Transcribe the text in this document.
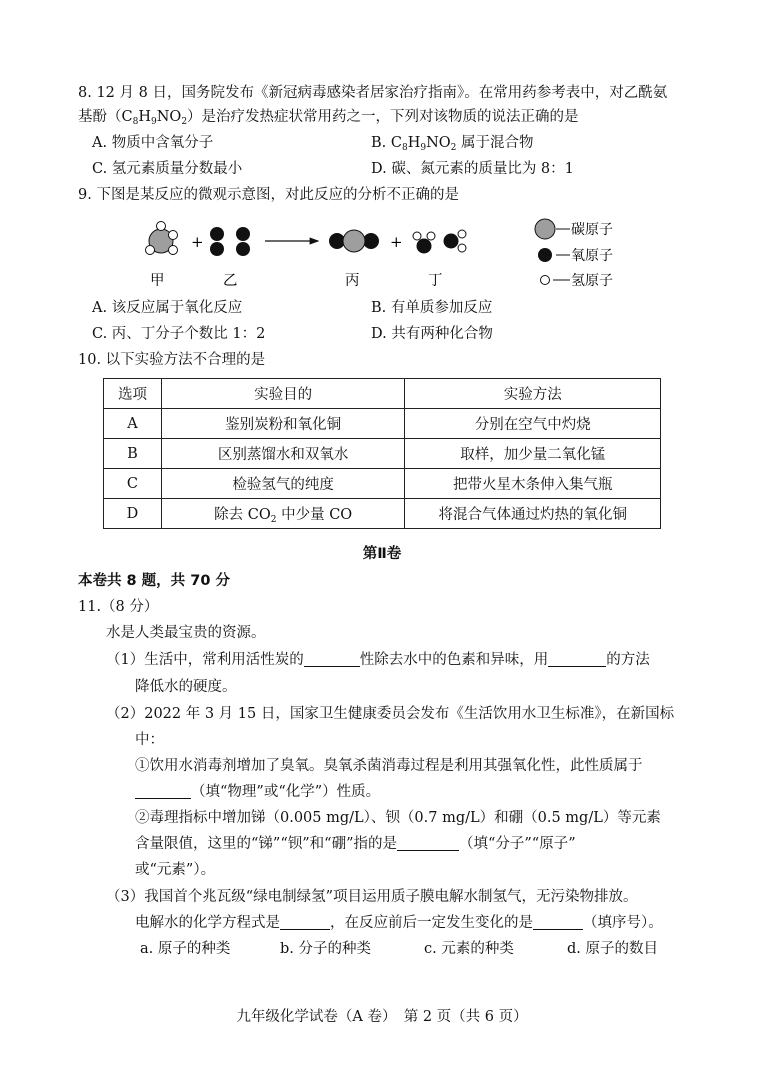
8. 12 月 8 日，国务院发布《新冠病毒感染者居家治疗指南》。在常用药参考表中，对乙酰氨
基酚$(C_8H_9NO_2)$是治疗发热症状常用药之一，下列对该物质的说法正确的是
A. 物质中含氧分子	B. $C_8H_9NO_2$ 属于混合物
C. 氢元素质量分数最小	D. 碳、氮元素的质量比为 8：1
9. 下图是某反应的微观示意图，对此反应的分析不正确的是
+	+
甲	乙	丙	丁
碳原子
氧原子
氢原子
A. 该反应属于氧化反应	B. 有单质参加反应
C. 丙、丁分子个数比 1：2	D. 共有两种化合物
10. 以下实验方法不合理的是
选项	实验目的	实验方法
A	鉴别炭粉和氧化铜	分别在空气中灼烧
B	区别蒸馏水和双氧水	取样，加少量二氧化锰
C	检验氢气的纯度	把带火星木条伸入集气瓶
D	除去 $CO_2$ 中少量 CO	将混合气体通过灼热的氧化铜
第Ⅱ卷
本卷共 8 题，共 70 分
11.（8 分）
水是人类最宝贵的资源。
（1）生活中，常利用活性炭的	性除去水中的色素和异味，用	的方法
降低水的硬度。
（2）2022 年 3 月 15 日，国家卫生健康委员会发布《生活饮用水卫生标准》，在新国标
中：
①饮用水消毒剂增加了臭氧。臭氧杀菌消毒过程是利用其强氧化性，此性质属于
（填“物理”或“化学”）性质。
②毒理指标中增加锑（0.005 mg/L）、钡（0.7 mg/L）和硼（0.5 mg/L）等元素
含量限值，这里的“锑”“钡”和“硼”指的是	（填“分子”“原子”
或“元素”）。
（3）我国首个兆瓦级“绿电制绿氢”项目运用质子膜电解水制氢气，无污染物排放。
电解水的化学方程式是	，在反应前后一定发生变化的是	（填序号）。
a. 原子的种类	b. 分子的种类	c. 元素的种类	d. 原子的数目
九年级化学试卷（A 卷）　第 2 页（共 6 页）
